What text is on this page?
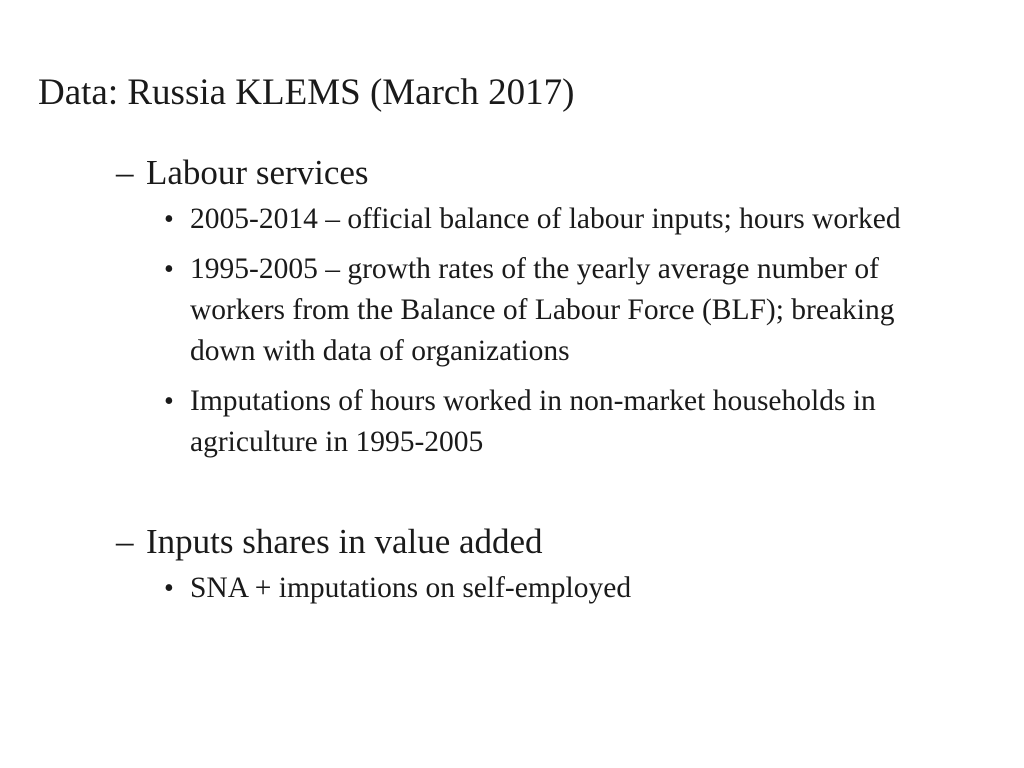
Data: Russia KLEMS (March 2017)
– Labour services
• 2005-2014 – official balance of labour inputs; hours worked
• 1995-2005 – growth rates of the yearly average number of workers from the Balance of Labour Force (BLF); breaking down with data of organizations
• Imputations of hours worked in non-market households in agriculture in 1995-2005
– Inputs shares in value added
• SNA + imputations on self-employed
